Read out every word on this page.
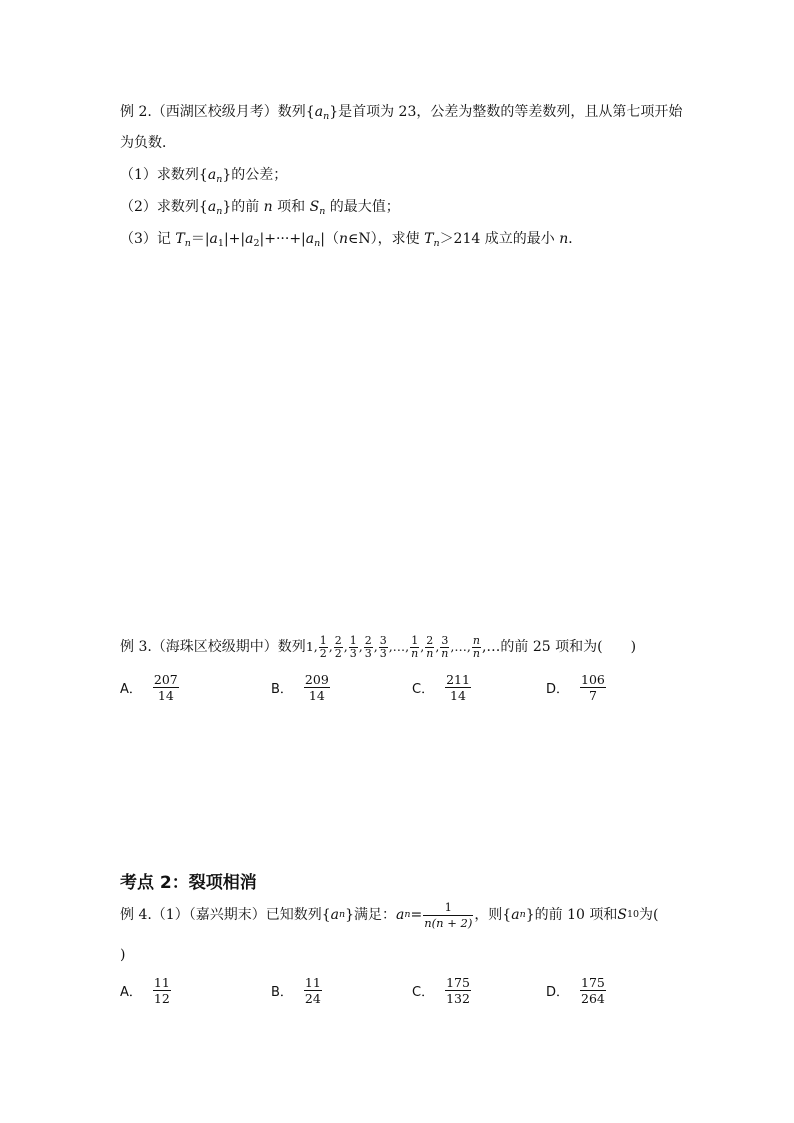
例 2.（西湖区校级月考）数列$\{a_n\}$是首项为 23，公差为整数的等差数列，且从第七项开始
为负数．
（1）求数列$\{a_n\}$的公差；
（2）求数列$\{a_n\}$的前 n 项和 $S_n$ 的最大值；
（3）记 $T_n=|a_1|+|a_2|+\cdot\cdot\cdot+|a_n|(n\in N)$，求使 $T_n>214$ 成立的最小 n．
例 3.（海珠区校级期中）数列 1, $\frac{1}{2}$ , $\frac{2}{2}$ , $\frac{1}{3}$ , $\frac{2}{3}$ , $\frac{3}{3}$ ,…, $\frac{1}{n}$ , $\frac{2}{n}$ , $\frac{3}{n}$ ,…, $\frac{n}{n}$ ,…的前 25 项和为(　　)
A． $\frac{207}{14}$	B． $\frac{209}{14}$	C． $\frac{211}{14}$	D． $\frac{106}{7}$
考点 2：裂项相消
例 4.（1）（嘉兴期末）已知数列{ a n }满足： a $n = \frac{1}{n(n + 2)}$ ，则{ a n }的前 10 项和 S 10 为(
)
A． $\frac{11}{12}$	B． $\frac{11}{24}$	C． $\frac{175}{132}$	D． $\frac{175}{264}$
